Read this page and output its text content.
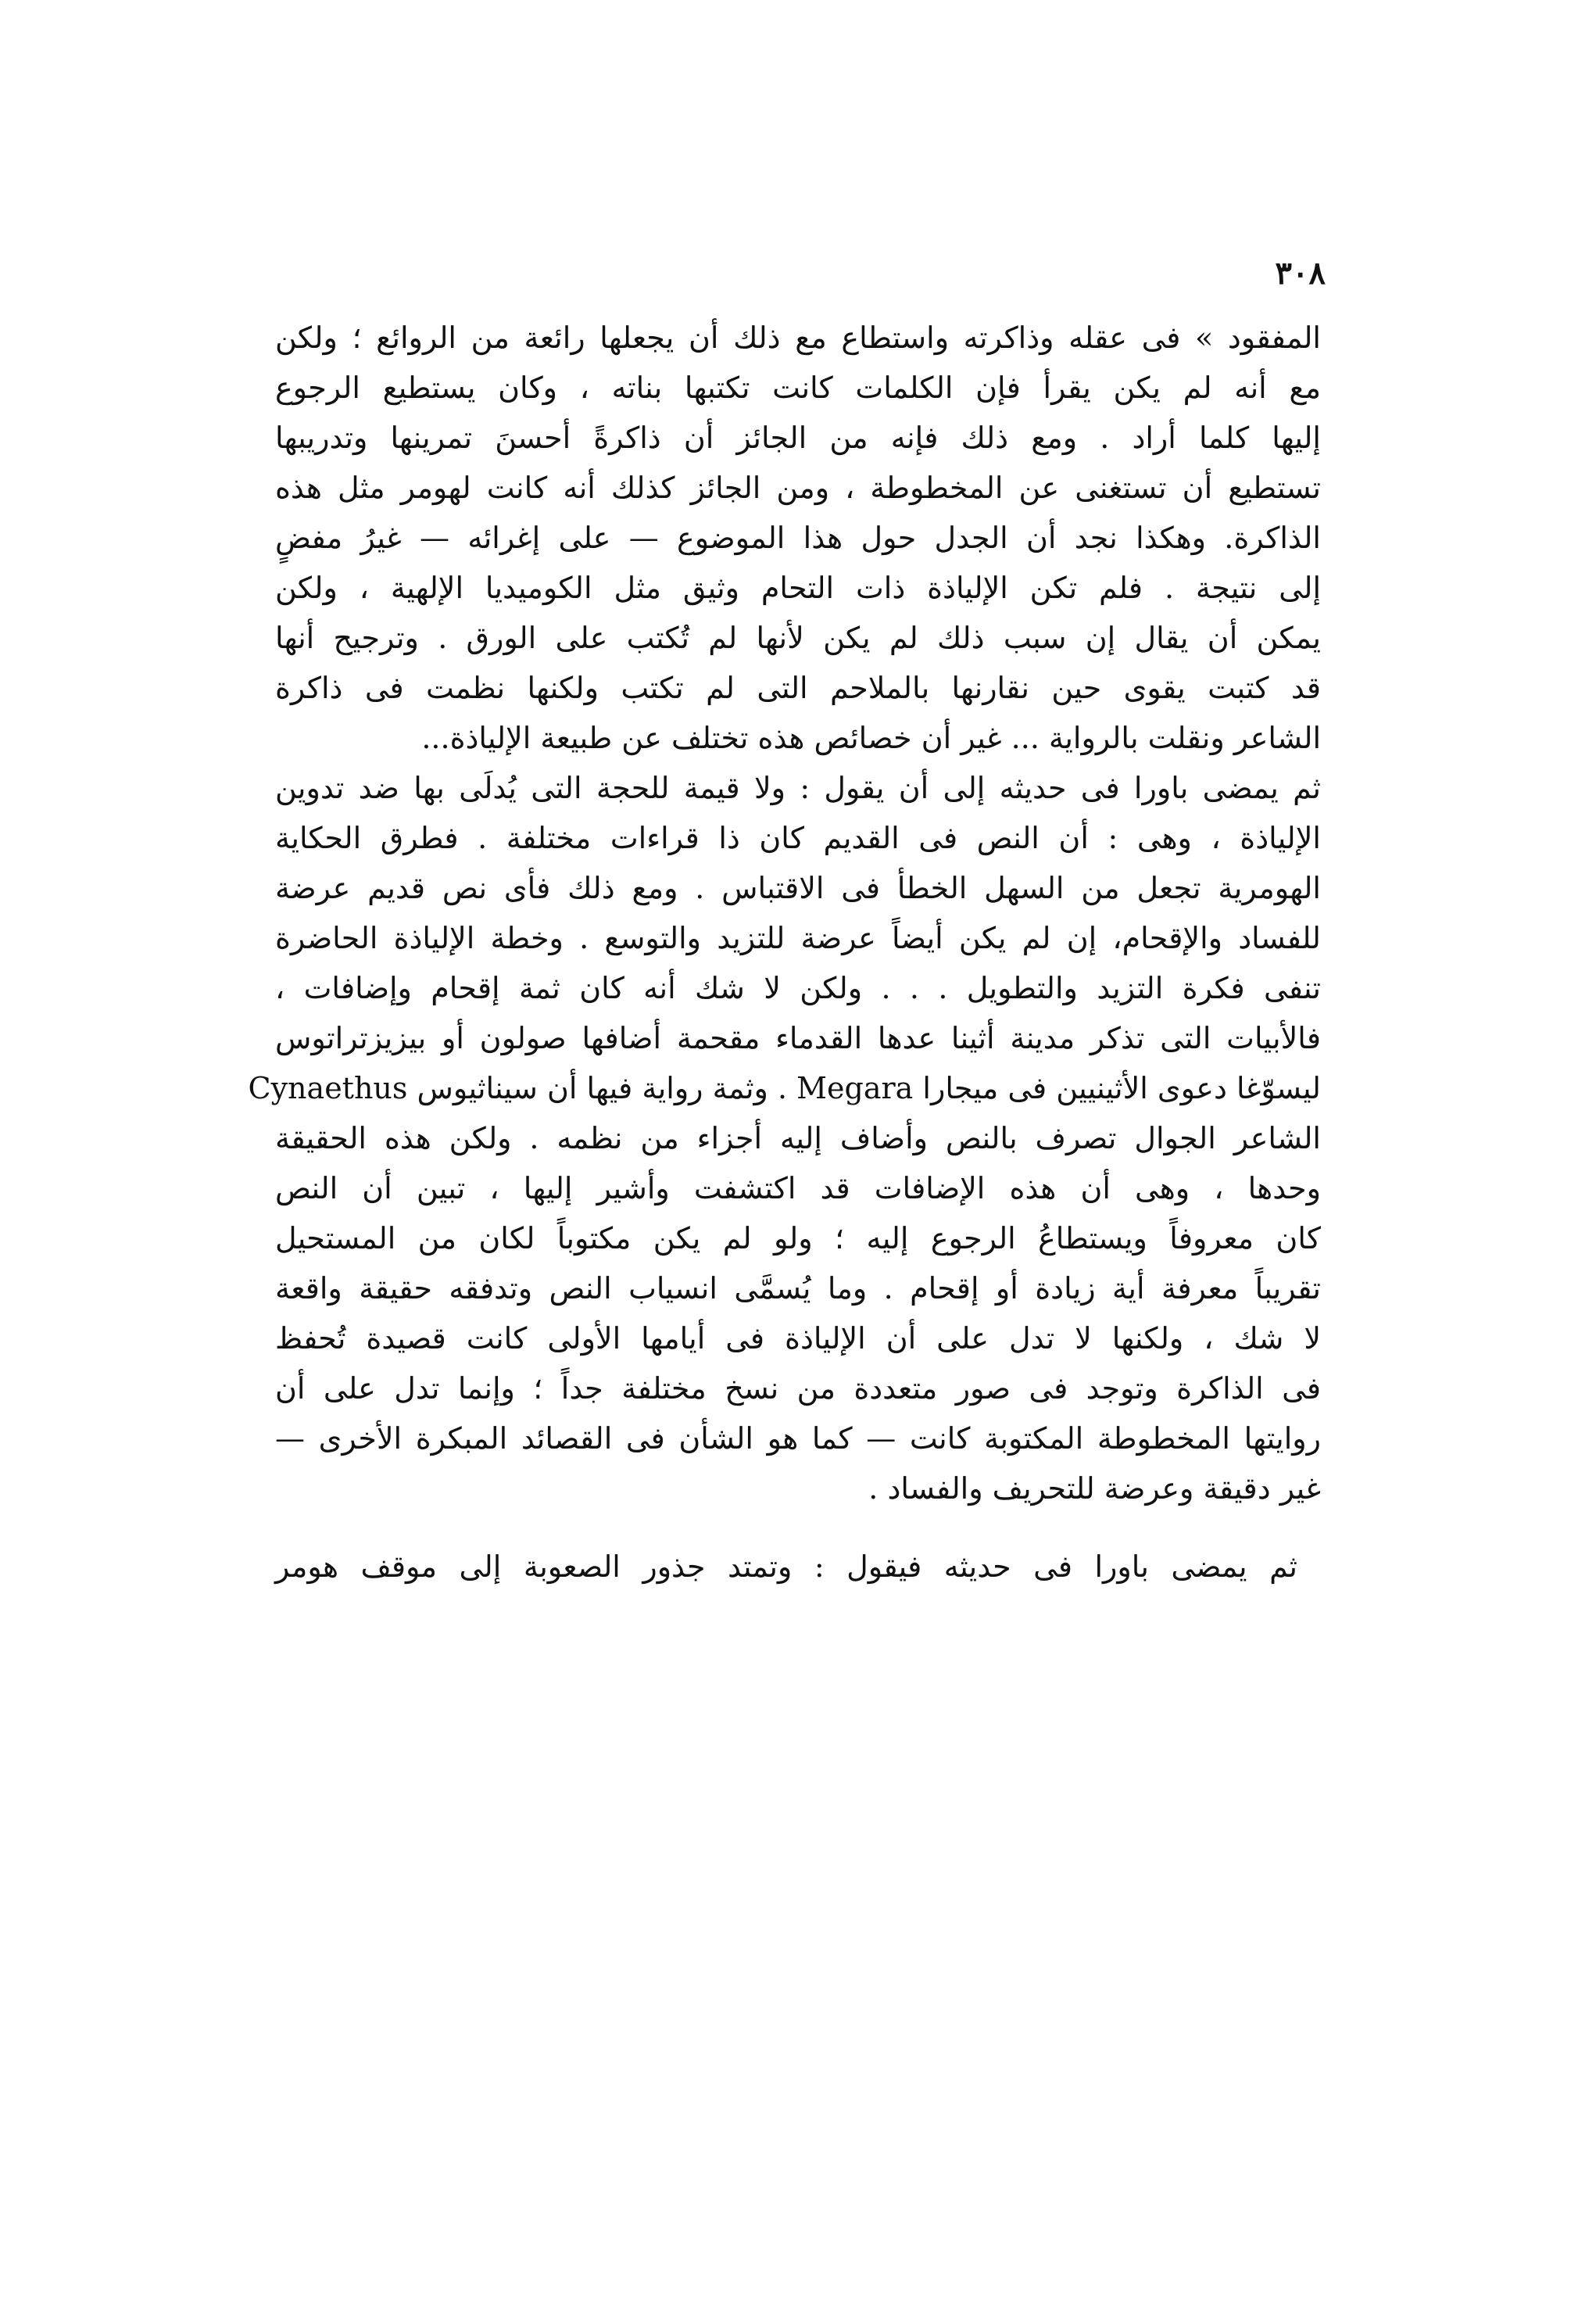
٣٠٨
المفقود » فى عقله وذاكرته واستطاع مع ذلك أن يجعلها رائعة من الروائع ؛ ولكن
مع أنه لم يكن يقرأ فإن الكلمات كانت تكتبها بناته ، وكان يستطيع الرجوع
إليها كلما أراد . ومع ذلك فإنه من الجائز أن ذاكرةً أحسنَ تمرينها وتدريبها
تستطيع أن تستغنى عن المخطوطة ، ومن الجائز كذلك أنه كانت لهومر مثل هذه
الذاكرة. وهكذا نجد أن الجدل حول هذا الموضوع — على إغرائه — غيرُ مفضٍ
إلى نتيجة . فلم تكن الإلياذة ذات التحام وثيق مثل الكوميديا الإلهية ، ولكن
يمكن أن يقال إن سبب ذلك لم يكن لأنها لم تُكتب على الورق . وترجيح أنها
قد كتبت يقوى حين نقارنها بالملاحم التى لم تكتب ولكنها نظمت فى ذاكرة
الشاعر ونقلت بالرواية ... غير أن خصائص هذه تختلف عن طبيعة الإلياذة...
ثم يمضى باورا فى حديثه إلى أن يقول : ولا قيمة للحجة التى يُدلَى بها ضد تدوين
الإلياذة ، وهى : أن النص فى القديم كان ذا قراءات مختلفة . فطرق الحكاية
الهومرية تجعل من السهل الخطأ فى الاقتباس . ومع ذلك فأى نص قديم عرضة
للفساد والإقحام، إن لم يكن أيضاً عرضة للتزيد والتوسع . وخطة الإلياذة الحاضرة
تنفى فكرة التزيد والتطويل . . . ولكن لا شك أنه كان ثمة إقحام وإضافات ،
فالأبيات التى تذكر مدينة أثينا عدها القدماء مقحمة أضافها صولون أو بيزيزتراتوس
ليسوّغا دعوى الأثينيين فى ميجارا Megara . وثمة رواية فيها أن سيناثيوس Cynaethus
الشاعر الجوال تصرف بالنص وأضاف إليه أجزاء من نظمه . ولكن هذه الحقيقة
وحدها ، وهى أن هذه الإضافات قد اكتشفت وأشير إليها ، تبين أن النص
كان معروفاً ويستطاعُ الرجوع إليه ؛ ولو لم يكن مكتوباً لكان من المستحيل
تقريباً معرفة أية زيادة أو إقحام . وما يُسمَّى انسياب النص وتدفقه حقيقة واقعة
لا شك ، ولكنها لا تدل على أن الإلياذة فى أيامها الأولى كانت قصيدة تُحفظ
فى الذاكرة وتوجد فى صور متعددة من نسخ مختلفة جداً ؛ وإنما تدل على أن
روايتها المخطوطة المكتوبة كانت — كما هو الشأن فى القصائد المبكرة الأخرى —
غير دقيقة وعرضة للتحريف والفساد .
ثم يمضى باورا فى حديثه فيقول : وتمتد جذور الصعوبة إلى موقف هومر
